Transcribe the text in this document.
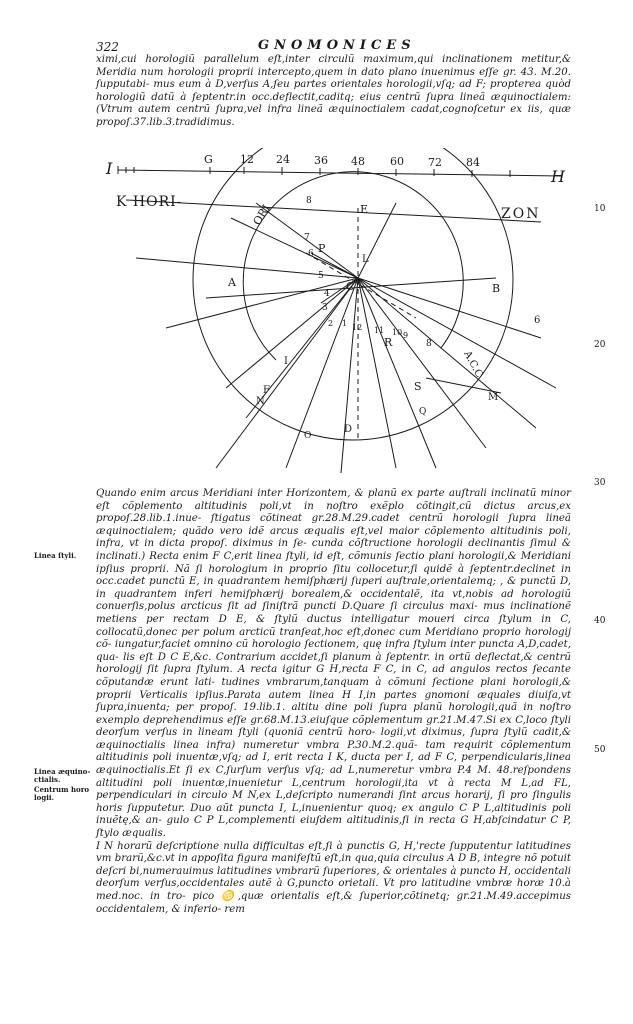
322	GNOMONICES

ximi,cui horologiũ parallelum eſt,inter circulũ maximum,qui inclinationem metitur,& Meridia num horologii proprii intercepto,quem in dato plano inuenimus eſſe gr. 43. M.20. ſupputabi- mus eum à D,verſus A,ſeu partes orientales horologii,vſq; ad F; propterea quòd horologiũ datũ à ſeptentr.in occ.deflectit,caditq; eius centrũ ſupra lineã æquinoctialem: (Vtrum autem centrũ ſupra,vel infra lineã æquinoctialem cadat,cognoſcetur ex iis, quæ propoſ.37.lib.3.tradidimus.

I	H
G 12 24 36 48 60 72 84
K HORI-
ZON
ORI
A.C.C
E
L
C
A	B
P
D
R
S
M
N
O
Q
F
I
8
7
6
5
4
3
2 1 12 11 10 9
6
8

Quando enim arcus Meridiani inter Horizontem, & planũ ex parte auſtrali inclinatũ minor eſt cõplemento altitudinis poli,vt in noſtro exẽplo cõtingit,cũ dictus arcus,ex propoſ.28.lib.1.inue- ſtigatus cõtineat gr.28.M.29.cadet centrũ horologii ſupra lineã æquinoctialem; quãdo vero idẽ arcus æqualis eſt,vel maior cõplemento altitudinis poli, infra, vt in dicta propoſ. diximus in ſe- cunda cõſtructione horologii declinantis ſimul & inclinati.) Recta enim F C,erit linea ſtyli, id eſt, cõmunis ſectio plani horologii,& Meridiani ipſius proprii. Nã ſi horologium in proprio ſitu collocetur,ſi quidẽ à ſeptentr.declinet in occ.cadet punctũ E, in quadrantem hemiſphærij ſuperi auſtrale,orientalemq; , & punctũ D, in quadrantem inferi hemiſphærij borealem,& occidentalẽ, ita vt,nobis ad horologiũ conuerſis,polus arcticus ſit ad ſiniſtrã puncti D.Quare ſi circulus maxi- mus inclinationẽ metiens per rectam D E, & ſtylũ ductus intelligatur moueri circa ſtylum in C, collocatũ,donec per polum arcticũ tranſeat,hoc eſt,donec cum Meridiano proprio horologij cõ- iungatur,faciet omnino cũ horologio ſectionem, quę infra ſtylum inter puncta A,D,cadet, qua- lis eſt D C E,&c. Contrarium accidet,ſi planum à ſeptentr. in ortũ deflectat,& centrũ horologij ſit ſupra ſtylum. A recta igitur G H,recta F C, in C, ad angulos rectos ſecante cõputandæ erunt lati- tudines vmbrarum,tanquam à cõmuni ſectione plani horologii,& proprii Verticalis ipſius.Parata autem linea H I,in partes gnomoni æquales diuiſa,vt ſupra,inuenta; per propoſ. 19.lib.1. altitu dine poli ſupra planũ horologii,quã in noſtro exemplo deprehendimus eſſe gr.68.M.13.eiuſque cõplementum gr.21.M.47.Si ex C,loco ſtyli deorſum verſus in lineam ſtyli (quoniã centrũ horo- logii,vt diximus, ſupra ſtylũ cadit,& æquinoctialis linea infra) numeretur vmbra P.30.M.2.quã- tam requirit cõplementum altitudinis poli inuentæ,vſq; ad I, erit recta I K, ducta per I, ad F C, perpendicularis,linea æquinoctialis.Et ſi ex C,ſurſum verſus vſq; ad L,numeretur vmbra P.4 M. 48.reſpondens altitudini poli inuentæ,inuenietur L,centrum horologii,ita vt à recta M L,ad FL, perpendiculari in circulo M N,ex L,deſcripto numerandi ſint arcus horarij, ſi pro ſingulis horis ſupputetur. Duo aũt puncta I, L,inuenientur quoq; ex angulo C P L,altitudinis poli inuẽtę,& an- gulo C P L,complementi eiuſdem altitudinis,ſi in recta G H,abſcindatur C P, ſtylo æqualis.

I N horarũ deſcriptione nulla difficultas eſt,ſi à punctis G, H,'recte ſupputentur latitudines vm brarũ,&c.vt in appoſita figura manifeſtũ eſt,in qua,quia circulus A D B, integre nõ potuit deſcri bi,numerauimus latitudines vmbrarũ ſuperiores, & orientales à puncto H, occidentali deorſum verſus,occidentales autẽ à G,puncto orietali. Vt pro latitudine vmbræ horæ 10.à med.noc. in tro- pico ♋,quæ orientalis eſt,& ſuperior,cõtinetq; gr.21.M.49.accepimus occidentalem, & inferio- rem

Linea ſtyli.
Linea æquino- ctialis.
Centrum horo logii.
10
20
30
40
50
